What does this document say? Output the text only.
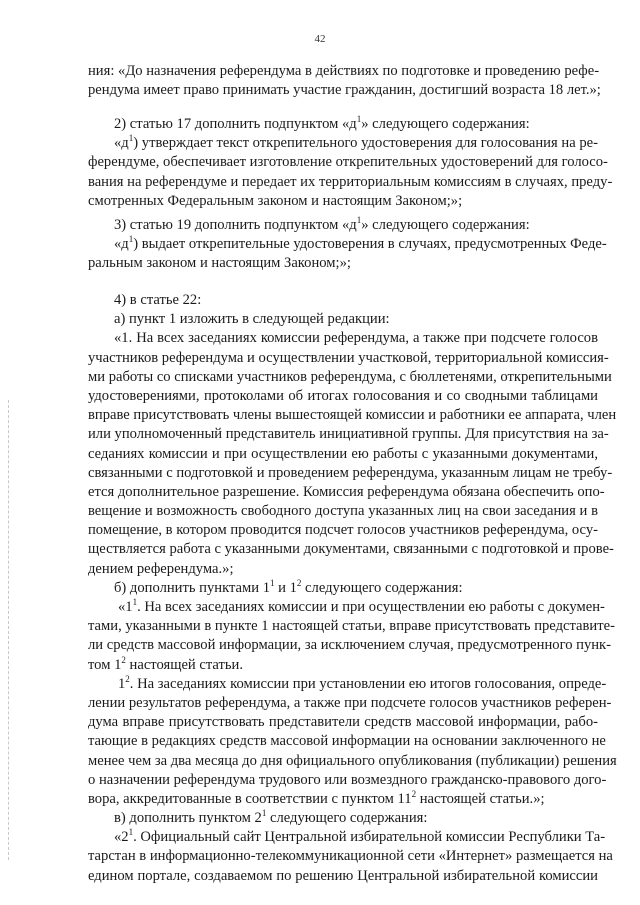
42
ния: «До назначения референдума в действиях по подготовке и проведению рефе-
рендума имеет право принимать участие гражданин, достигший возраста 18 лет.»;
2) статью 17 дополнить подпунктом «$д^1$» следующего содержания:
«$д^1$) утверждает текст открепительного удостоверения для голосования на ре-
ферендуме, обеспечивает изготовление открепительных удостоверений для голосо-
вания на референдуме и передает их территориальным комиссиям в случаях, преду-
смотренных Федеральным законом и настоящим Законом;»;
3) статью 19 дополнить подпунктом «$д^1$» следующего содержания:
«$д^1$) выдает открепительные удостоверения в случаях, предусмотренных Феде-
ральным законом и настоящим Законом;»;
4) в статье 22:
а) пункт 1 изложить в следующей редакции:
«1. На всех заседаниях комиссии референдума, а также при подсчете голосов
участников референдума и осуществлении участковой, территориальной комиссия-
ми работы со списками участников референдума, с бюллетенями, открепительными
удостоверениями, протоколами об итогах голосования и со сводными таблицами
вправе присутствовать члены вышестоящей комиссии и работники ее аппарата, член
или уполномоченный представитель инициативной группы. Для присутствия на за-
седаниях комиссии и при осуществлении ею работы с указанными документами,
связанными с подготовкой и проведением референдума, указанным лицам не требу-
ется дополнительное разрешение. Комиссия референдума обязана обеспечить опо-
вещение и возможность свободного доступа указанных лиц на свои заседания и в
помещение, в котором проводится подсчет голосов участников референдума, осу-
ществляется работа с указанными документами, связанными с подготовкой и прове-
дением референдума.»;
б) дополнить пунктами $1^1$ и $1^2$ следующего содержания:
«$1^1$. На всех заседаниях комиссии и при осуществлении ею работы с докумен-
тами, указанными в пункте 1 настоящей статьи, вправе присутствовать представите-
ли средств массовой информации, за исключением случая, предусмотренного пунк-
том $1^2$ настоящей статьи.
$1^2$. На заседаниях комиссии при установлении ею итогов голосования, опреде-
лении результатов референдума, а также при подсчете голосов участников референ-
дума вправе присутствовать представители средств массовой информации, рабо-
тающие в редакциях средств массовой информации на основании заключенного не
менее чем за два месяца до дня официального опубликования (публикации) решения
о назначении референдума трудового или возмездного гражданско-правового дого-
вора, аккредитованные в соответствии с пунктом $11^2$ настоящей статьи.»;
в) дополнить пунктом $2^1$ следующего содержания:
«$2^1$. Официальный сайт Центральной избирательной комиссии Республики Та-
тарстан в информационно-телекоммуникационной сети «Интернет» размещается на
едином портале, создаваемом по решению Центральной избирательной комиссии
